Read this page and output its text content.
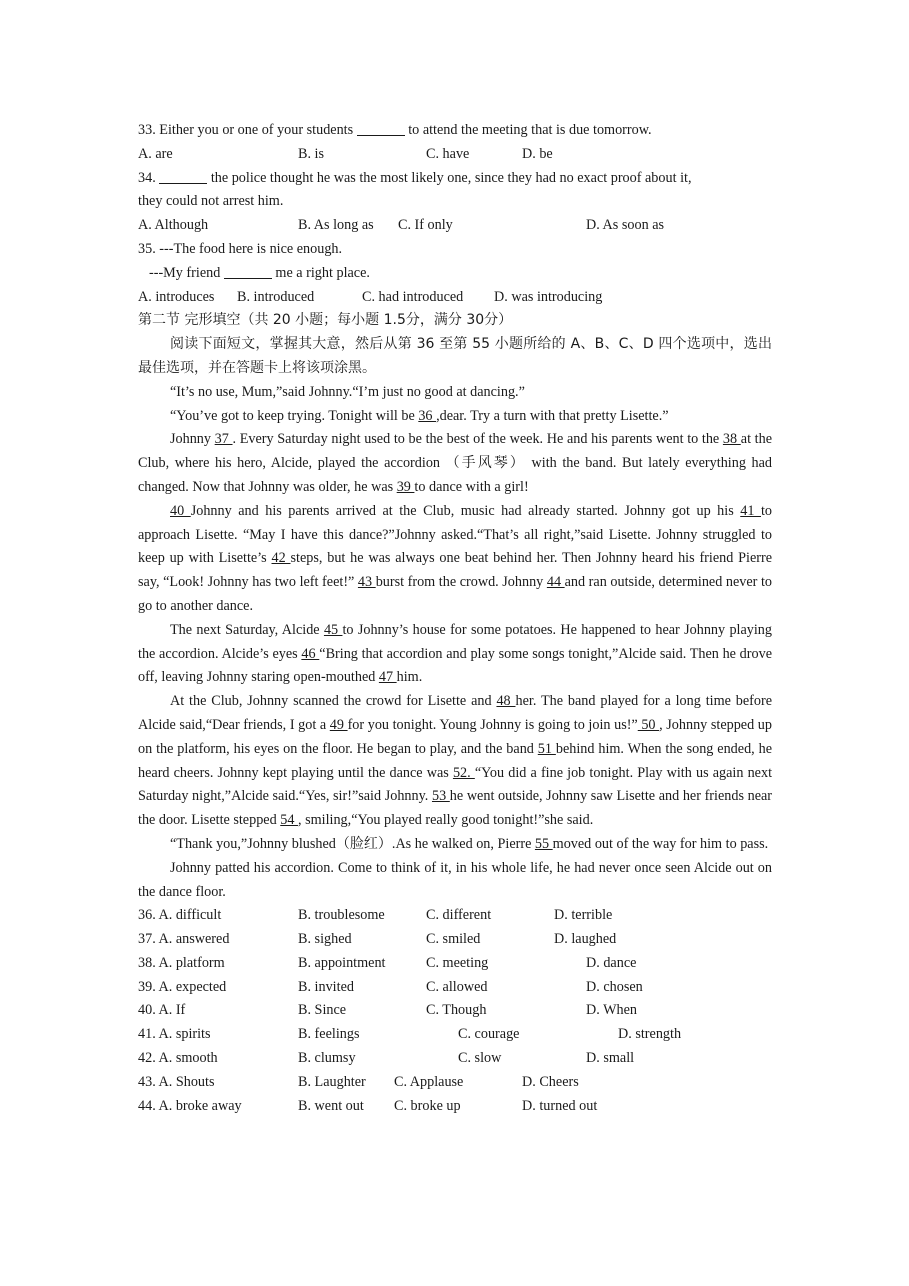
33. Either you or one of your students	to attend the meeting that is due tomorrow.
A. are	B. is	C. have	D. be
34.	the police thought he was the most likely one, since they had no exact proof about it,
they could not arrest him.
A. Although	B. As long as C. If only	D. As soon as
35. ---The food here is nice enough.
---My friend	me a right place.
A. introduces B. introduced	C. had introduced D. was introducing
第二节 完形填空（共 20 小题；每小题 1.5分，满分 30分）

阅读下面短文，掌握其大意，然后从第 36 至第 55 小题所给的 A、B、C、D 四个选项中，选出最佳选项，并在答题卡上将该项涂黑。

“It’s no use, Mum,”said Johnny.“I’m just no good at dancing.”

“You’ve got to keep trying. Tonight will be 36 ,dear. Try a turn with that pretty Lisette.”

Johnny 37 . Every Saturday night used to be the best of the week. He and his parents went to the 38 at the Club, where his hero, Alcide, played the accordion （手风琴） with the band. But lately everything had changed. Now that Johnny was older, he was 39 to dance with a girl!

40 Johnny and his parents arrived at the Club, music had already started. Johnny got up his 41 to approach Lisette. “May I have this dance?”Johnny asked.“That’s all right,”said Lisette. Johnny struggled to keep up with Lisette’s 42 steps, but he was always one beat behind her. Then Johnny heard his friend Pierre say, “Look! Johnny has two left feet!” 43 burst from the crowd. Johnny 44 and ran outside, determined never to go to another dance.

The next Saturday, Alcide 45 to Johnny’s house for some potatoes. He happened to hear Johnny playing the accordion. Alcide’s eyes 46 “Bring that accordion and play some songs tonight,”Alcide said. Then he drove off, leaving Johnny staring open-mouthed 47 him.

At the Club, Johnny scanned the crowd for Lisette and 48 her. The band played for a long time before Alcide said,“Dear friends, I got a 49 for you tonight. Young Johnny is going to join us!” 50 , Johnny stepped up on the platform, his eyes on the floor. He began to play, and the band 51 behind him. When the song ended, he heard cheers. Johnny kept playing until the dance was 52. “You did a fine job tonight. Play with us again next Saturday night,”Alcide said.“Yes, sir!”said Johnny. 53 he went outside, Johnny saw Lisette and her friends near the door. Lisette stepped 54 , smiling,“You played really good tonight!”she said.

“Thank you,”Johnny blushed（脸红）.As he walked on, Pierre 55 moved out of the way for him to pass.

Johnny patted his accordion. Come to think of it, in his whole life, he had never once seen Alcide out on the dance floor.

36. A. difficult	B. troublesome	C. different	D. terrible
37. A. answered	B. sighed	C. smiled	D. laughed
38. A. platform	B. appointment	C. meeting	D. dance
39. A. expected	B. invited	C. allowed	D. chosen
40. A. If	B. Since	C. Though	D. When
41. A. spirits	B. feelings	C. courage	D. strength
42. A. smooth	B. clumsy	C. slow	D. small
43. A. Shouts	B. Laughter C. Applause	D. Cheers
44. A. broke away	B. went out C. broke up	D. turned out
